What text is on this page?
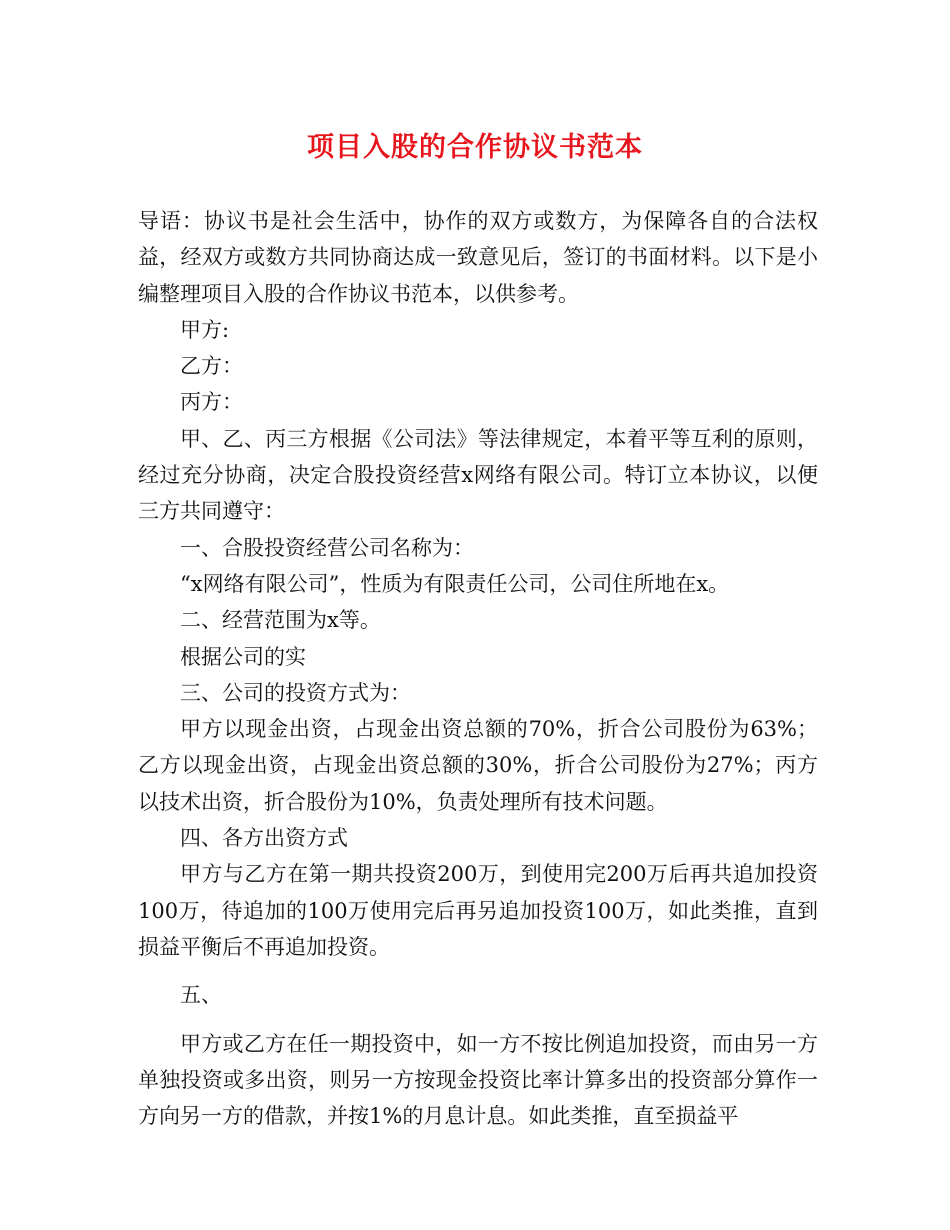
项目入股的合作协议书范本

导语：协议书是社会生活中，协作的双方或数方，为保障各自的合法权益，经双方或数方共同协商达成一致意见后，签订的书面材料。以下是小编整理项目入股的合作协议书范本，以供参考。

甲方:

乙方：

丙方：

甲、乙、丙三方根据《公司法》等法律规定，本着平等互利的原则，经过充分协商，决定合股投资经营x网络有限公司。特订立本协议，以便三方共同遵守：

一、合股投资经营公司名称为：

“x网络有限公司”，性质为有限责任公司，公司住所地在x。

二、经营范围为x等。

根据公司的实

三、公司的投资方式为：

甲方以现金出资，占现金出资总额的70%，折合公司股份为63%；乙方以现金出资，占现金出资总额的30%，折合公司股份为27%；丙方以技术出资，折合股份为10%，负责处理所有技术问题。

四、各方出资方式

甲方与乙方在第一期共投资200万，到使用完200万后再共追加投资100万，待追加的100万使用完后再另追加投资100万，如此类推，直到损益平衡后不再追加投资。

五、

甲方或乙方在任一期投资中，如一方不按比例追加投资，而由另一方单独投资或多出资，则另一方按现金投资比率计算多出的投资部分算作一方向另一方的借款，并按1%的月息计息。如此类推，直至损益平
